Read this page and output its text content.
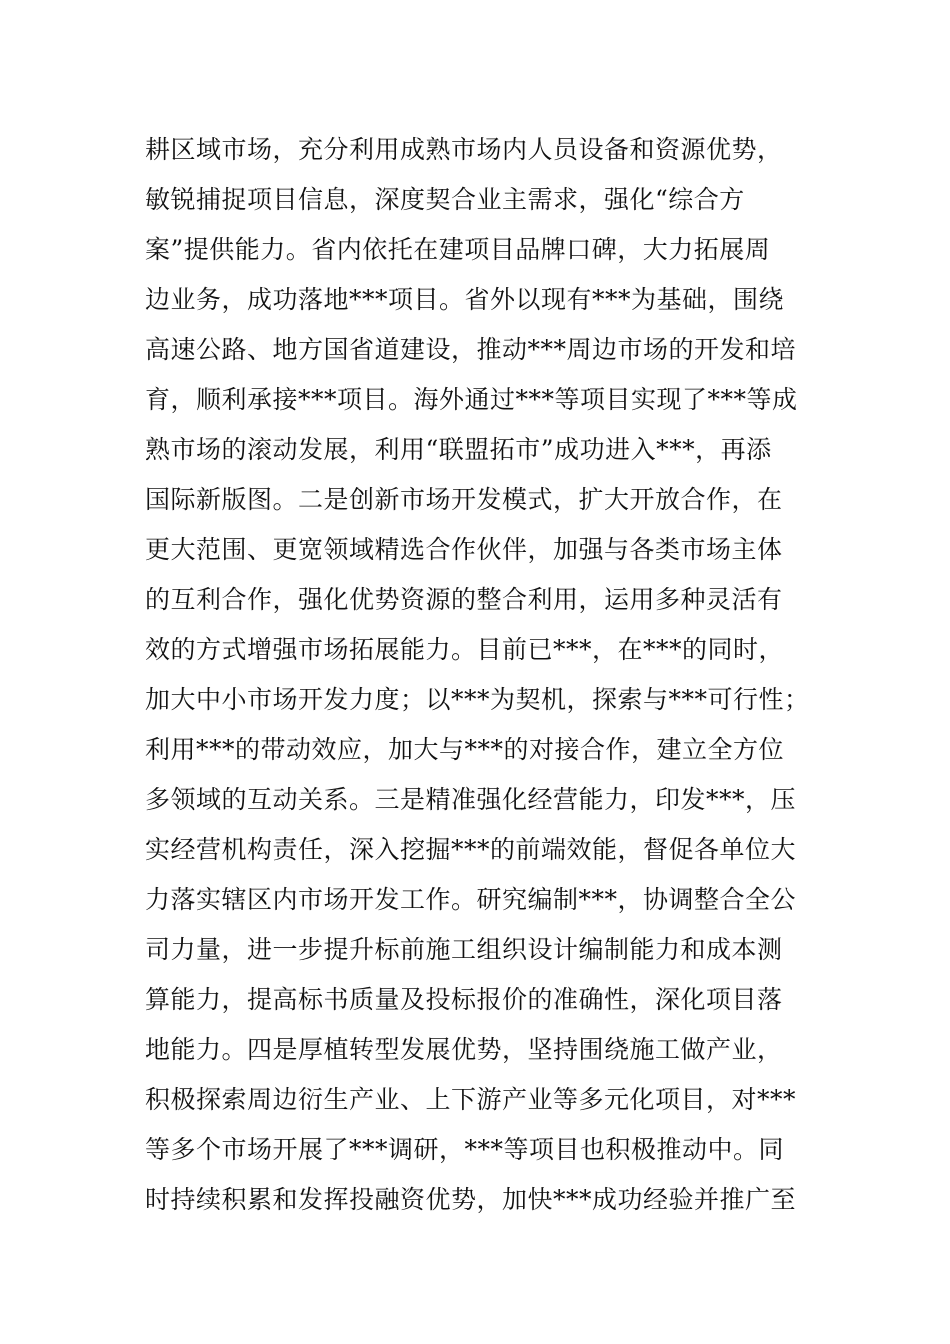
耕区域市场，充分利用成熟市场内人员设备和资源优势，
敏锐捕捉项目信息，深度契合业主需求，强化“综合方
案”提供能力。省内依托在建项目品牌口碑，大力拓展周
边业务，成功落地***项目。省外以现有***为基础，围绕
高速公路、地方国省道建设，推动***周边市场的开发和培
育，顺利承接***项目。海外通过***等项目实现了***等成
熟市场的滚动发展，利用“联盟拓市”成功进入***，再添
国际新版图。二是创新市场开发模式，扩大开放合作，在
更大范围、更宽领域精选合作伙伴，加强与各类市场主体
的互利合作，强化优势资源的整合利用，运用多种灵活有
效的方式增强市场拓展能力。目前已***，在***的同时，
加大中小市场开发力度；以***为契机，探索与***可行性；
利用***的带动效应，加大与***的对接合作，建立全方位
多领域的互动关系。三是精准强化经营能力，印发***，压
实经营机构责任，深入挖掘***的前端效能，督促各单位大
力落实辖区内市场开发工作。研究编制***，协调整合全公
司力量，进一步提升标前施工组织设计编制能力和成本测
算能力，提高标书质量及投标报价的准确性，深化项目落
地能力。四是厚植转型发展优势，坚持围绕施工做产业，
积极探索周边衍生产业、上下游产业等多元化项目，对***
等多个市场开展了***调研，***等项目也积极推动中。同
时持续积累和发挥投融资优势，加快***成功经验并推广至
